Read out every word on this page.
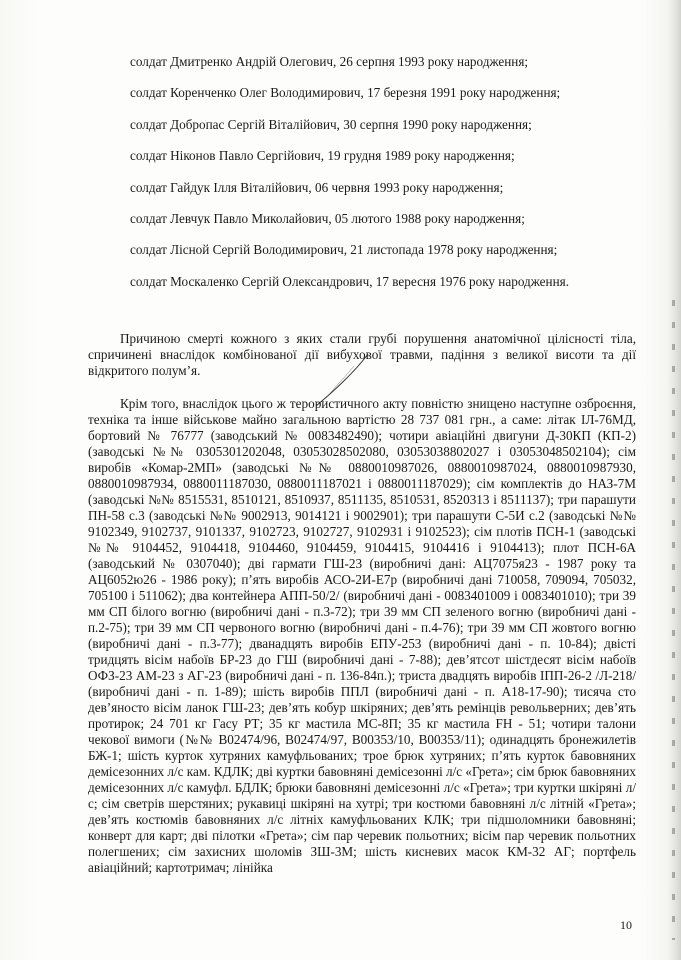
солдат Дмитренко Андрій Олегович, 26 серпня 1993 року народження;
солдат Коренченко Олег Володимирович, 17 березня 1991 року народження;
солдат Добропас Сергій Віталійович, 30 серпня 1990 року народження;
солдат Ніконов Павло Сергійович, 19 грудня 1989 року народження;
солдат Гайдук Ілля Віталійович, 06 червня 1993 року народження;
солдат Левчук Павло Миколайович, 05 лютого 1988 року народження;
солдат Лісной Сергій Володимирович, 21 листопада 1978 року народження;
солдат Москаленко Сергій Олександрович, 17 вересня 1976 року народження.

Причиною смерті кожного з яких стали грубі порушення анатомічної цілісності тіла, спричинені внаслідок комбінованої дії вибухової травми, падіння з великої висоти та дії відкритого полум’я.

Крім того, внаслідок цього ж терористичного акту повністю знищено наступне озброєння, техніка та інше військове майно загальною вартістю 28 737 081 грн., а саме: літак ІЛ-76МД, бортовий № 76777 (заводський № 0083482490); чотири авіаційні двигуни Д-30КП (КП-2) (заводські №№ 0305301202048, 03053028502080, 03053038802027 і 03053048502104); сім виробів «Комар-2МП» (заводські №№ 0880010987026, 0880010987024, 0880010987930, 0880010987934, 0880011187030, 0880011187021 і 0880011187029); сім комплектів до НАЗ-7М (заводські №№ 8515531, 8510121, 8510937, 8511135, 8510531, 8520313 і 8511137); три парашути ПН-58 с.3 (заводські №№ 9002913, 9014121 і 9002901); три парашути С-5И с.2 (заводські №№ 9102349, 9102737, 9101337, 9102723, 9102727, 9102931 і 9102523); сім плотів ПСН-1 (заводські №№ 9104452, 9104418, 9104460, 9104459, 9104415, 9104416 і 9104413); плот ПСН-6А (заводський № 0307040); дві гармати ГШ-23 (виробничі дані: АЦ7075я23 - 1987 року та АЦ6052ю26 - 1986 року); п’ять виробів АСО-2И-Е7р (виробничі дані 710058, 709094, 705032, 705100 і 511062); два контейнера АПП-50/2/ (виробничі дані - 0083401009 і 0083401010); три 39 мм СП білого вогню (виробничі дані - п.3-72); три 39 мм СП зеленого вогню (виробничі дані - п.2-75); три 39 мм СП червоного вогню (виробничі дані - п.4-76); три 39 мм СП жовтого вогню (виробничі дані - п.3-77); дванадцять виробів ЕПУ-253 (виробничі дані - п. 10-84); двісті тридцять вісім набоїв БР-23 до ГШ (виробничі дані - 7-88); дев’ятсот шістдесят вісім набоїв ОФЗ-23 АМ-23 з АГ-23 (виробничі дані - п. 136-84п.); триста двадцять виробів ІПП-26-2 /Л-218/ (виробничі дані - п. 1-89); шість виробів ППЛ (виробничі дані - п. А18-17-90); тисяча сто дев’яносто вісім ланок ГШ-23; дев’ять кобур шкіряних; дев’ять ремінців револьверних; дев’ять протирок; 24 701 кг Гасу РТ; 35 кг мастила МС-8П; 35 кг мастила FH - 51; чотири талони чекової вимоги (№№ В02474/96, В02474/97, В00353/10, В00353/11); одинадцять бронежилетів БЖ-1; шість курток хутряних камуфльованих; трое брюк хутряних; п’ять курток бавовняних демісезонних л/с кам. КДЛК; дві куртки бавовняні демісезонні л/с «Грета»; сім брюк бавовняних демісезонних л/с камуфл. БДЛК; брюки бавовняні демісезонні л/с «Грета»; три куртки шкіряні л/с; сім светрів шерстяних; рукавиці шкіряні на хутрі; три костюми бавовняні л/с літній «Грета»; дев’ять костюмів бавовняних л/с літніх камуфльованих КЛК; три підшоломники бавовняні; конверт для карт; дві пілотки «Грета»; сім пар черевик польотних; вісім пар черевик польотних полегшених; сім захисних шоломів ЗШ-3М; шість кисневих масок КМ-32 АГ; портфель авіаційний; картотримач; лінійка

10
